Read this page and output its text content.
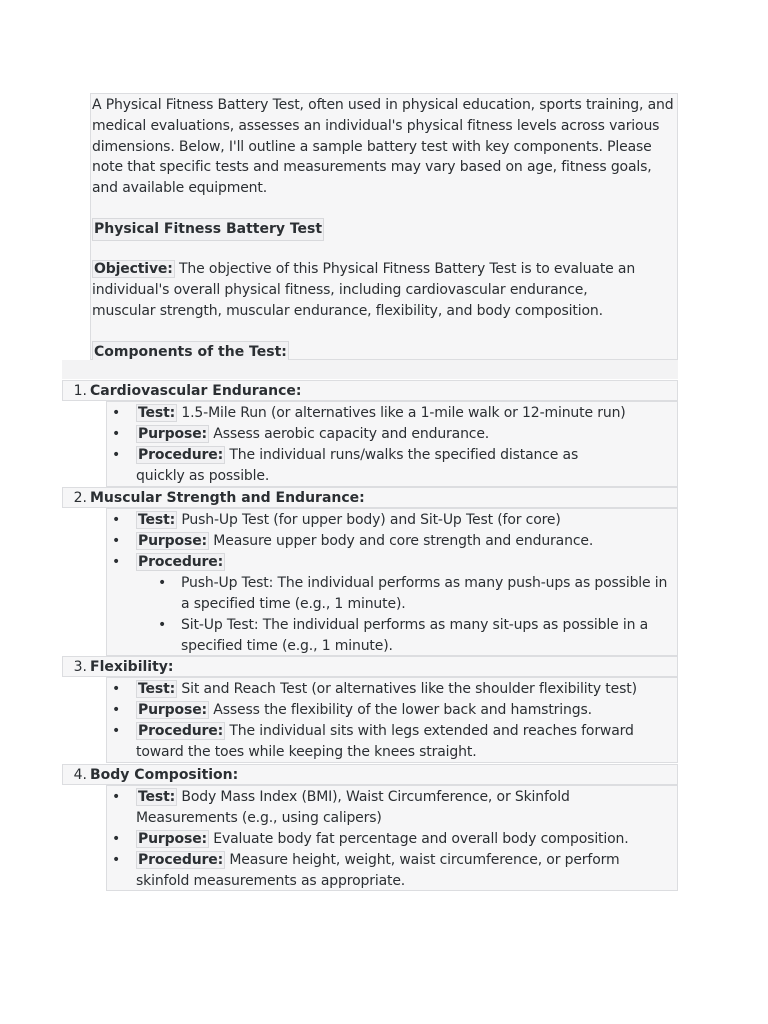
A Physical Fitness Battery Test, often used in physical education, sports training, and medical evaluations, assesses an individual's physical fitness levels across various dimensions. Below, I'll outline a sample battery test with key components. Please note that specific tests and measurements may vary based on age, fitness goals, and available equipment.

Physical Fitness Battery Test

Objective: The objective of this Physical Fitness Battery Test is to evaluate an individual's overall physical fitness, including cardiovascular endurance, muscular strength, muscular endurance, flexibility, and body composition.

Components of the Test:

1. Cardiovascular Endurance:
• Test: 1.5-Mile Run (or alternatives like a 1-mile walk or 12-minute run)
• Purpose: Assess aerobic capacity and endurance.
• Procedure: The individual runs/walks the specified distance as quickly as possible.
2. Muscular Strength and Endurance:
• Test: Push-Up Test (for upper body) and Sit-Up Test (for core)
• Purpose: Measure upper body and core strength and endurance.
• Procedure:
• Push-Up Test: The individual performs as many push-ups as possible in a specified time (e.g., 1 minute).
• Sit-Up Test: The individual performs as many sit-ups as possible in a specified time (e.g., 1 minute).
3. Flexibility:
• Test: Sit and Reach Test (or alternatives like the shoulder flexibility test)
• Purpose: Assess the flexibility of the lower back and hamstrings.
• Procedure: The individual sits with legs extended and reaches forward toward the toes while keeping the knees straight.
4. Body Composition:
• Test: Body Mass Index (BMI), Waist Circumference, or Skinfold Measurements (e.g., using calipers)
• Purpose: Evaluate body fat percentage and overall body composition.
• Procedure: Measure height, weight, waist circumference, or perform skinfold measurements as appropriate.
